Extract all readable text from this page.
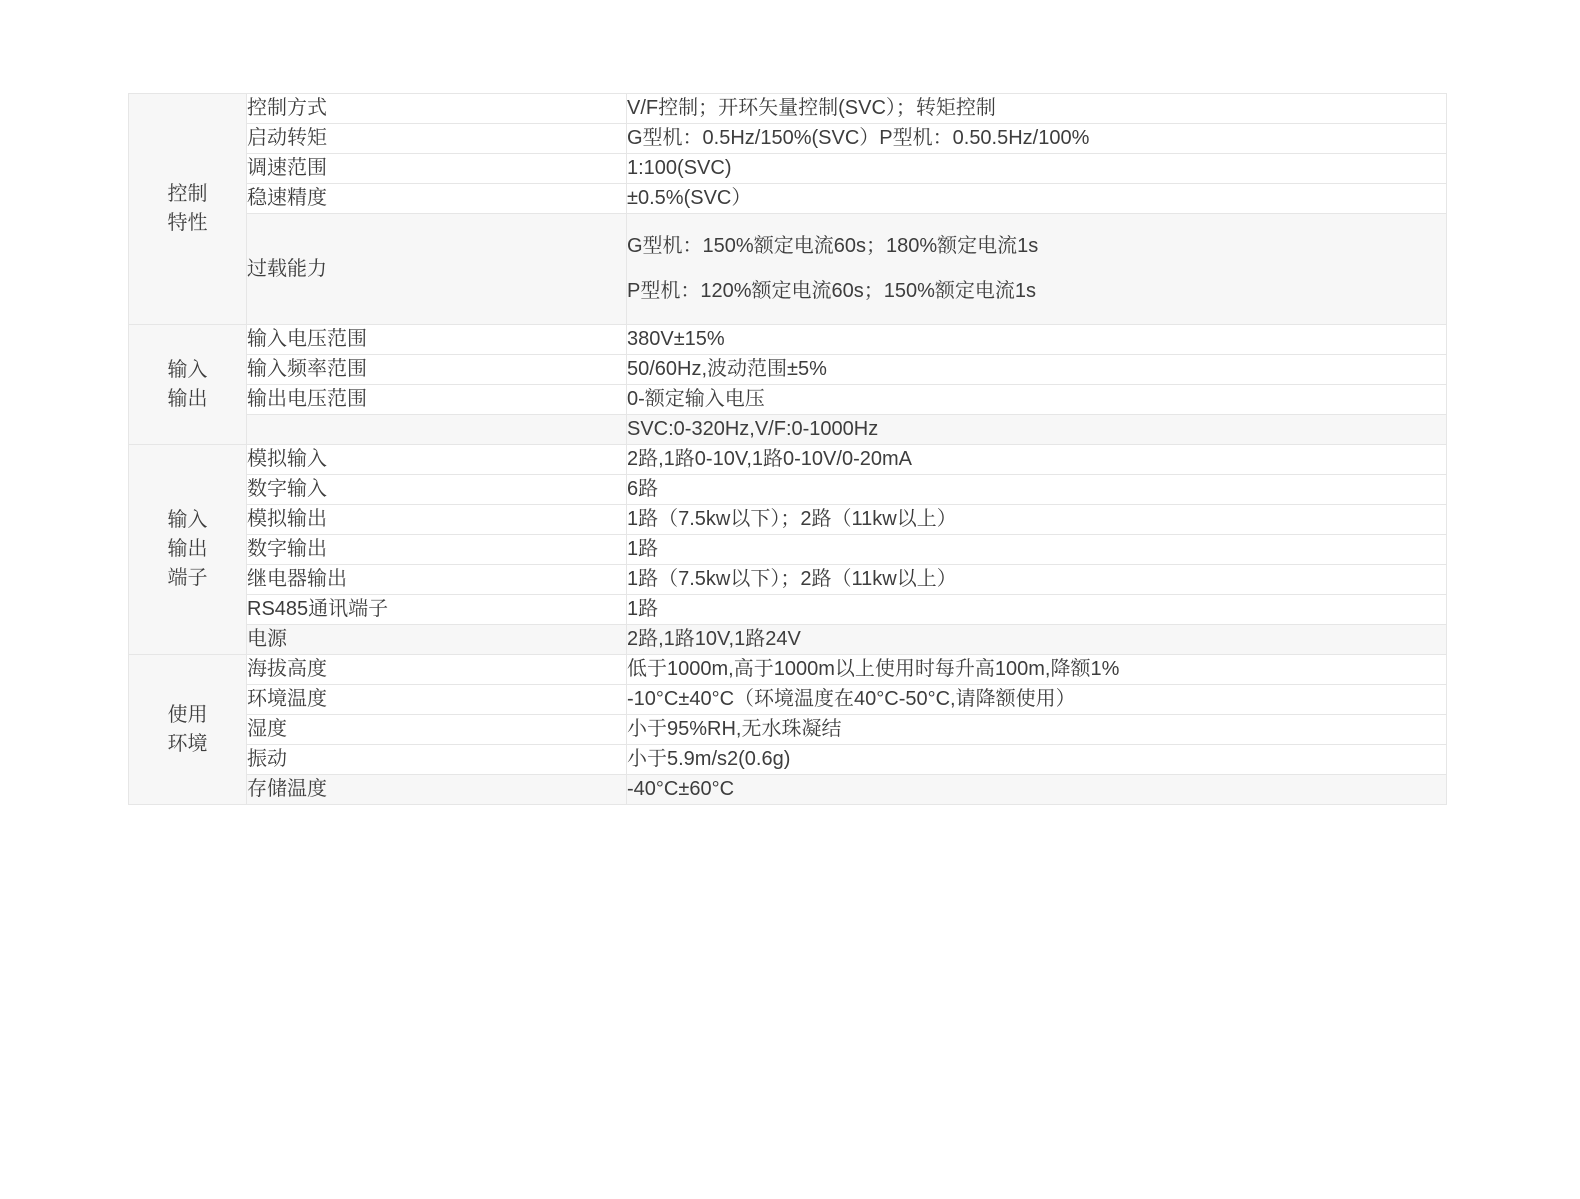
控制
特性	控制方式	V/F控制；开环矢量控制(SVC）；转矩控制

	启动转矩	G型机：0.5Hz/150%(SVC）P型机：0.50.5Hz/100%

	调速范围	1:100(SVC)

	稳速精度	±0.5%(SVC）

	过载能力	G型机：150%额定电流60s；180%额定电流1s
P型机：120%额定电流60s；150%额定电流1s

输入
输出	输入电压范围	380V±15%

	输入频率范围	50/60Hz,波动范围±5%

	输出电压范围	0-额定输入电压

		SVC:0-320Hz,V/F:0-1000Hz

输入
输出
端子	模拟输入	2路,1路0-10V,1路0-10V/0-20mA

	数字输入	6路

	模拟输出	1路（7.5kw以下）；2路（11kw以上）

	数字输出	1路

	继电器输出	1路（7.5kw以下）；2路（11kw以上）

	RS485通讯端子	1路

	电源	2路,1路10V,1路24V

使用
环境	海拔高度	低于1000m,高于1000m以上使用时每升高100m,降额1%

	环境温度	-10°C±40°C（环境温度在40°C-50°C,请降额使用）

	湿度	小于95%RH,无水珠凝结

	振动	小于5.9m/s2(0.6g)

	存储温度	-40°C±60°C
